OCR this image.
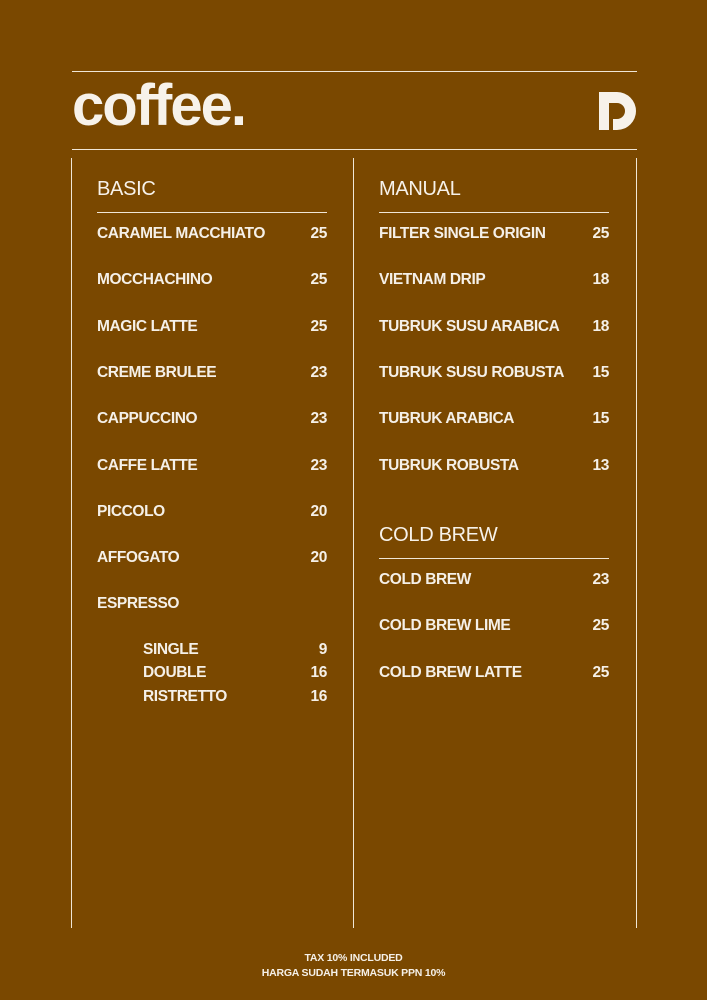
coffee.
BASIC
CARAMEL MACCHIATO	25
MOCCHACHINO	25
MAGIC LATTE	25
CREME BRULEE	23
CAPPUCCINO	23
CAFFE LATTE	23
PICCOLO	20
AFFOGATO	20
ESPRESSO
SINGLE	9
DOUBLE	16
RISTRETTO	16
MANUAL
FILTER SINGLE ORIGIN	25
VIETNAM DRIP	18
TUBRUK SUSU ARABICA 18
TUBRUK SUSU ROBUSTA 15
TUBRUK ARABICA	15
TUBRUK ROBUSTA	13
COLD BREW
COLD BREW	23
COLD BREW LIME	25
COLD BREW LATTE	25
TAX 10% INCLUDED
HARGA SUDAH TERMASUK PPN 10%
